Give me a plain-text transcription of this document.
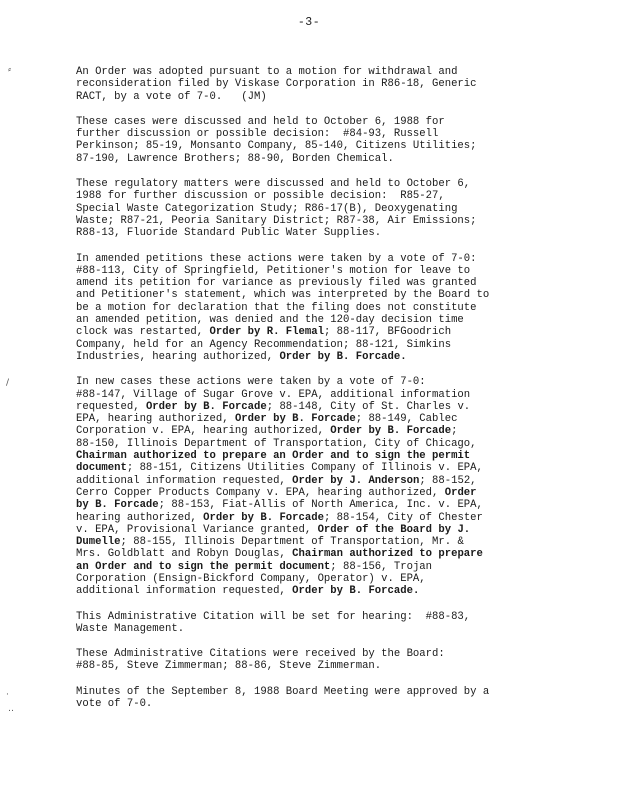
-3-
⸗
/
·
‥
An Order was adopted pursuant to a motion for withdrawal and
reconsideration filed by Viskase Corporation in R86-18, Generic
RACT, by a vote of 7-0.   (JM)
These cases were discussed and held to October 6, 1988 for
further discussion or possible decision:  #84-93, Russell
Perkinson; 85-19, Monsanto Company, 85-140, Citizens Utilities;
87-190, Lawrence Brothers; 88-90, Borden Chemical.
These regulatory matters were discussed and held to October 6,
1988 for further discussion or possible decision:  R85-27,
Special Waste Categorization Study; R86-17(B), Deoxygenating
Waste; R87-21, Peoria Sanitary District; R87-38, Air Emissions;
R88-13, Fluoride Standard Public Water Supplies.
In amended petitions these actions were taken by a vote of 7-0:
#88-113, City of Springfield, Petitioner's motion for leave to
amend its petition for variance as previously filed was granted
and Petitioner's statement, which was interpreted by the Board to
be a motion for declaration that the filing does not constitute
an amended petition, was denied and the 120-day decision time
clock was restarted, Order by R. Flemal; 88-117, BFGoodrich
Company, held for an Agency Recommendation; 88-121, Simkins
Industries, hearing authorized, Order by B. Forcade.
In new cases these actions were taken by a vote of 7-0:
#88-147, Village of Sugar Grove v. EPA, additional information
requested, Order by B. Forcade; 88-148, City of St. Charles v.
EPA, hearing authorized, Order by B. Forcade; 88-149, Cablec
Corporation v. EPA, hearing authorized, Order by B. Forcade;
88-150, Illinois Department of Transportation, City of Chicago,
Chairman authorized to prepare an Order and to sign the permit
document; 88-151, Citizens Utilities Company of Illinois v. EPA,
additional information requested, Order by J. Anderson; 88-152,
Cerro Copper Products Company v. EPA, hearing authorized, Order
by B. Forcade; 88-153, Fiat-Allis of North America, Inc. v. EPA,
hearing authorized, Order by B. Forcade; 88-154, City of Chester
v. EPA, Provisional Variance granted, Order of the Board by J.
Dumelle; 88-155, Illinois Department of Transportation, Mr. &
Mrs. Goldblatt and Robyn Douglas, Chairman authorized to prepare
an Order and to sign the permit document; 88-156, Trojan
Corporation (Ensign-Bickford Company, Operator) v. EPA,
additional information requested, Order by B. Forcade.
This Administrative Citation will be set for hearing:  #88-83,
Waste Management.
These Administrative Citations were received by the Board:
#88-85, Steve Zimmerman; 88-86, Steve Zimmerman.
Minutes of the September 8, 1988 Board Meeting were approved by a
vote of 7-0.
